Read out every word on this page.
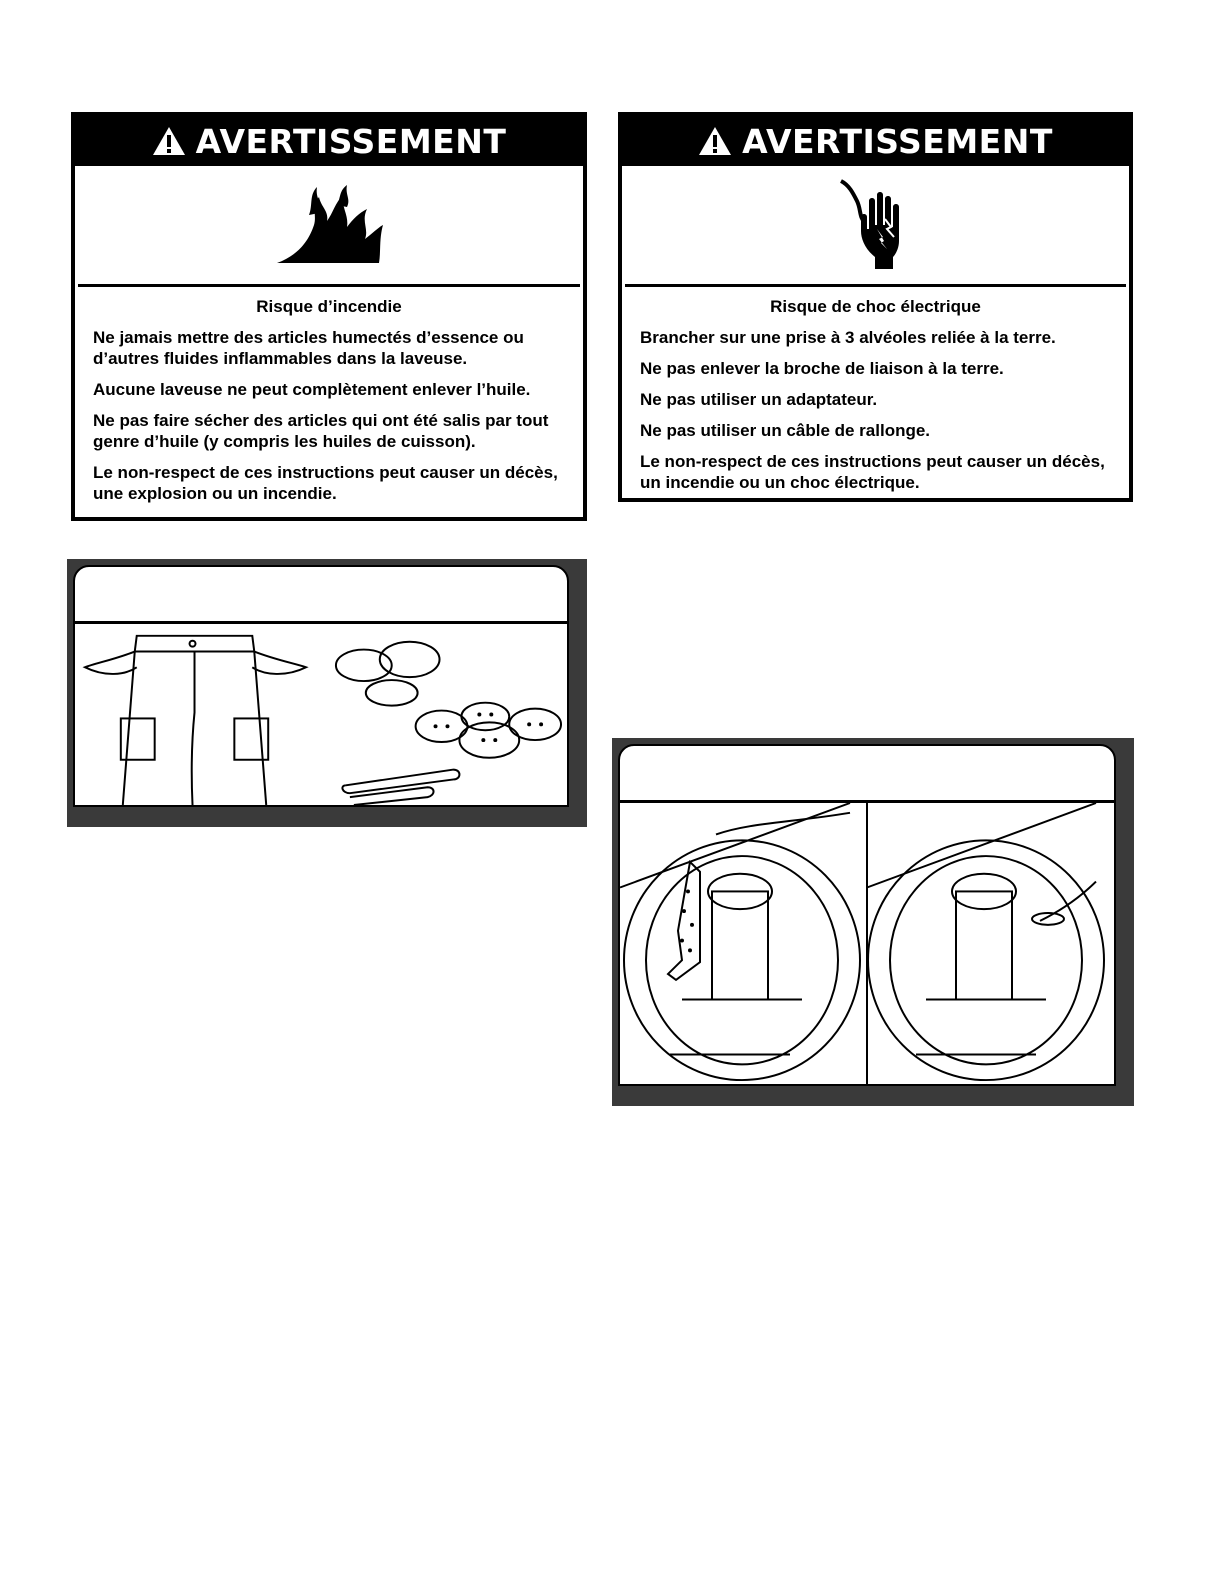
AVERTISSEMENT

Risque d’incendie

Ne jamais mettre des articles humectés d’essence ou d’autres fluides inflammables dans la laveuse.

Aucune laveuse ne peut complètement enlever l’huile.

Ne pas faire sécher des articles qui ont été salis par tout genre d’huile (y compris les huiles de cuisson).

Le non-respect de ces instructions peut causer un décès, une explosion ou un incendie.

AVERTISSEMENT

Risque de choc électrique

Brancher sur une prise à 3 alvéoles reliée à la terre.

Ne pas enlever la broche de liaison à la terre.

Ne pas utiliser un adaptateur.

Ne pas utiliser un câble de rallonge.

Le non-respect de ces instructions peut causer un décès, un incendie ou un choc électrique.
